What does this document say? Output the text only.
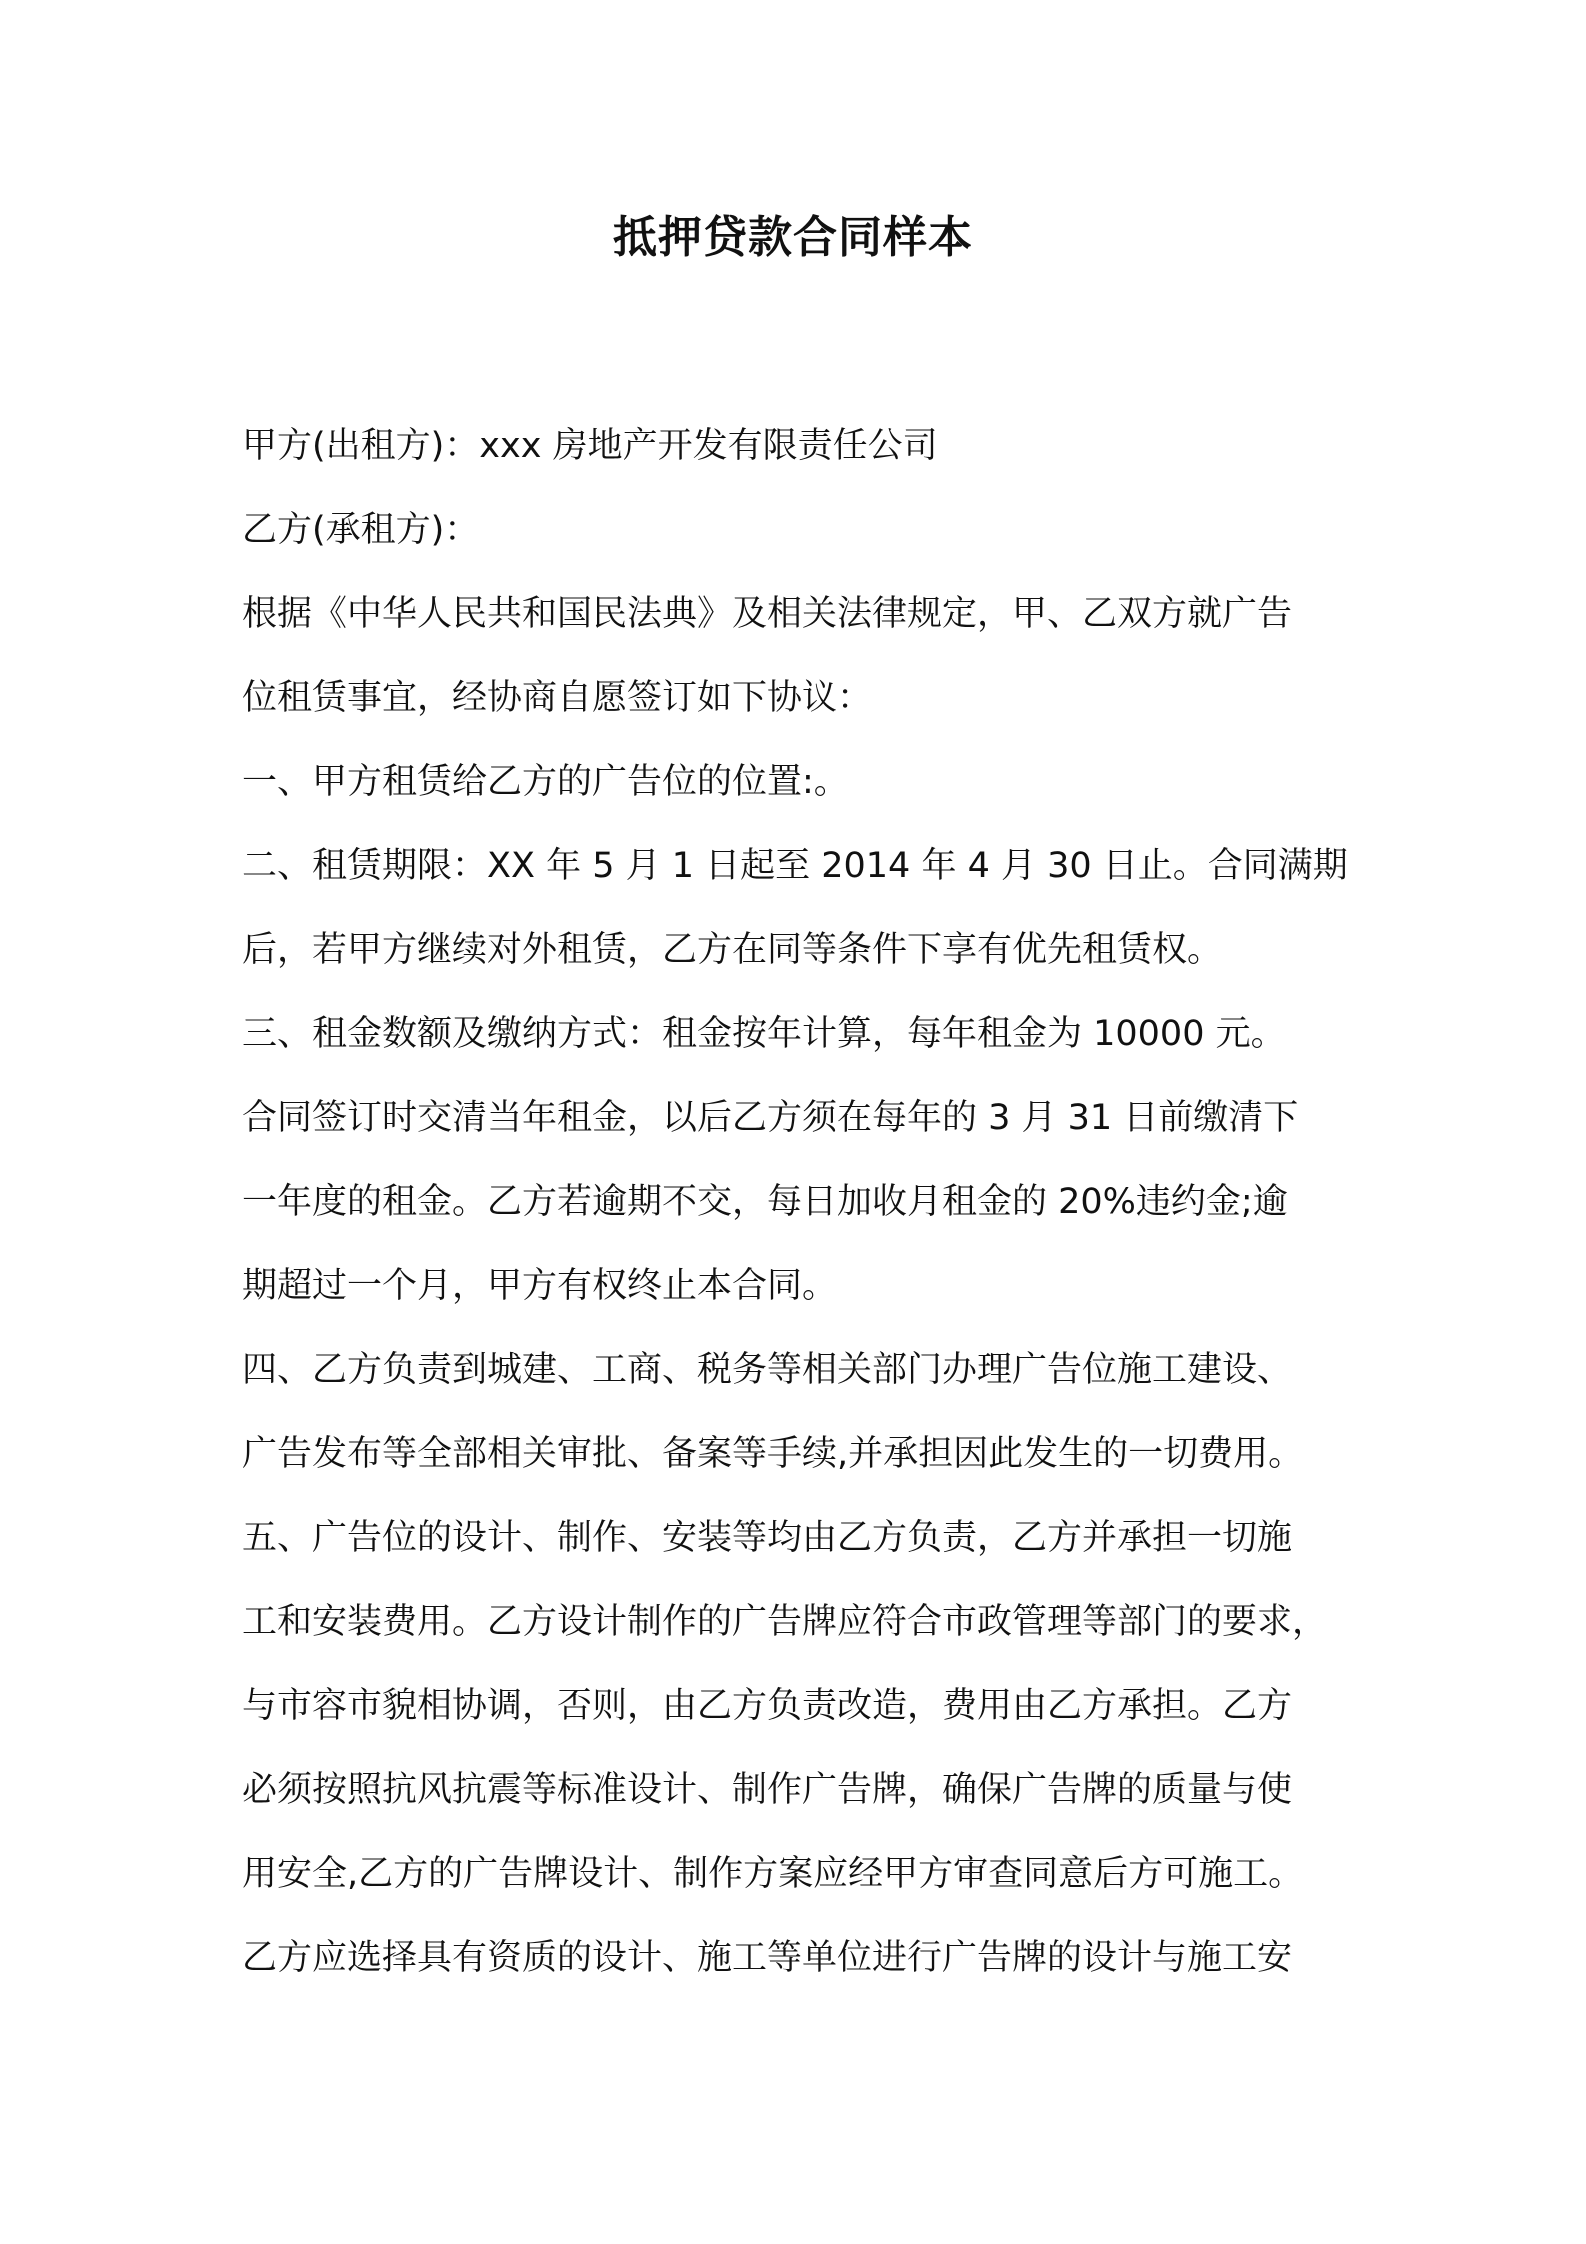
抵押贷款合同样本
甲方(出租方)：xxx 房地产开发有限责任公司
乙方(承租方)：
根据《中华人民共和国民法典》及相关法律规定，甲、乙双方就广告
位租赁事宜，经协商自愿签订如下协议：
一、甲方租赁给乙方的广告位的位置:。
二、租赁期限：XX 年 5 月 1 日起至 2014 年 4 月 30 日止。合同满期
后，若甲方继续对外租赁，乙方在同等条件下享有优先租赁权。
三、租金数额及缴纳方式：租金按年计算，每年租金为 10000 元。
合同签订时交清当年租金，以后乙方须在每年的 3 月 31 日前缴清下
一年度的租金。乙方若逾期不交，每日加收月租金的 20%违约金;逾
期超过一个月，甲方有权终止本合同。
四、乙方负责到城建、工商、税务等相关部门办理广告位施工建设、
广告发布等全部相关审批、备案等手续,并承担因此发生的一切费用。
五、广告位的设计、制作、安装等均由乙方负责，乙方并承担一切施
工和安装费用。乙方设计制作的广告牌应符合市政管理等部门的要求，
与市容市貌相协调，否则，由乙方负责改造，费用由乙方承担。乙方
必须按照抗风抗震等标准设计、制作广告牌，确保广告牌的质量与使
用安全,乙方的广告牌设计、制作方案应经甲方审查同意后方可施工。
乙方应选择具有资质的设计、施工等单位进行广告牌的设计与施工安
